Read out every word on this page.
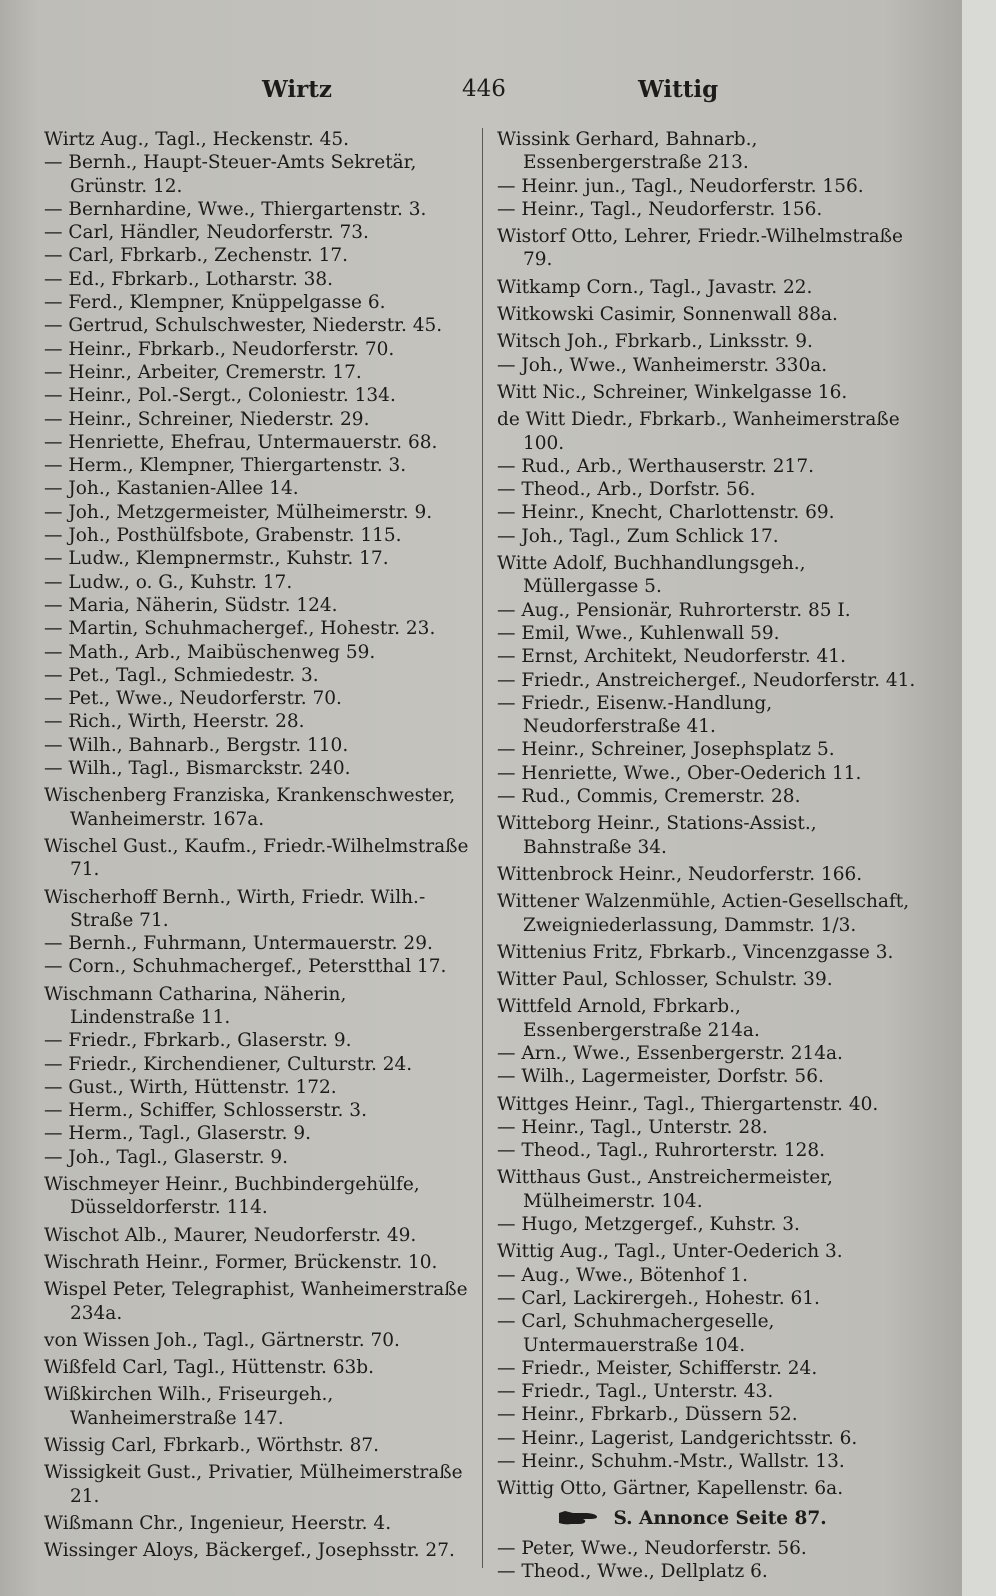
Wirtz	446	Wittig

Wirtz Aug., Tagl., Heckenstr. 45.

— Bernh., Haupt-Steuer-Amts Sekretär, Grünstr. 12.

— Bernhardine, Wwe., Thiergartenstr. 3.

— Carl, Händler, Neudorferstr. 73.

— Carl, Fbrkarb., Zechenstr. 17.

— Ed., Fbrkarb., Lotharstr. 38.

— Ferd., Klempner, Knüppelgasse 6.

— Gertrud, Schulschwester, Niederstr. 45.

— Heinr., Fbrkarb., Neudorferstr. 70.

— Heinr., Arbeiter, Cremerstr. 17.

— Heinr., Pol.-Sergt., Coloniestr. 134.

— Heinr., Schreiner, Niederstr. 29.

— Henriette, Ehefrau, Untermauerstr. 68.

— Herm., Klempner, Thiergartenstr. 3.

— Joh., Kastanien-Allee 14.

— Joh., Metzgermeister, Mülheimerstr. 9.

— Joh., Posthülfsbote, Grabenstr. 115.

— Ludw., Klempnermstr., Kuhstr. 17.

— Ludw., o. G., Kuhstr. 17.

— Maria, Näherin, Südstr. 124.

— Martin, Schuhmachergef., Hohestr. 23.

— Math., Arb., Maibüschenweg 59.

— Pet., Tagl., Schmiedestr. 3.

— Pet., Wwe., Neudorferstr. 70.

— Rich., Wirth, Heerstr. 28.

— Wilh., Bahnarb., Bergstr. 110.

— Wilh., Tagl., Bismarckstr. 240.

Wischenberg Franziska, Krankenschwester, Wanheimerstr. 167a.

Wischel Gust., Kaufm., Friedr.-Wilhelmstraße 71.

Wischerhoff Bernh., Wirth, Friedr. Wilh.-Straße 71.

— Bernh., Fuhrmann, Untermauerstr. 29.

— Corn., Schuhmachergef., Peterstthal 17.

Wischmann Catharina, Näherin, Lindenstraße 11.

— Friedr., Fbrkarb., Glaserstr. 9.

— Friedr., Kirchendiener, Culturstr. 24.

— Gust., Wirth, Hüttenstr. 172.

— Herm., Schiffer, Schlosserstr. 3.

— Herm., Tagl., Glaserstr. 9.

— Joh., Tagl., Glaserstr. 9.

Wischmeyer Heinr., Buchbindergehülfe, Düsseldorferstr. 114.

Wischot Alb., Maurer, Neudorferstr. 49.

Wischrath Heinr., Former, Brückenstr. 10.

Wispel Peter, Telegraphist, Wanheimerstraße 234a.

von Wissen Joh., Tagl., Gärtnerstr. 70.

Wißfeld Carl, Tagl., Hüttenstr. 63b.

Wißkirchen Wilh., Friseurgeh., Wanheimerstraße 147.

Wissig Carl, Fbrkarb., Wörthstr. 87.

Wissigkeit Gust., Privatier, Mülheimerstraße 21.

Wißmann Chr., Ingenieur, Heerstr. 4.

Wissinger Aloys, Bäckergef., Josephsstr. 27.

Wissink Gerhard, Bahnarb., Essenbergerstraße 213.

— Heinr. jun., Tagl., Neudorferstr. 156.

— Heinr., Tagl., Neudorferstr. 156.

Wistorf Otto, Lehrer, Friedr.-Wilhelmstraße 79.

Witkamp Corn., Tagl., Javastr. 22.

Witkowski Casimir, Sonnenwall 88a.

Witsch Joh., Fbrkarb., Linksstr. 9.

— Joh., Wwe., Wanheimerstr. 330a.

Witt Nic., Schreiner, Winkelgasse 16.

de Witt Diedr., Fbrkarb., Wanheimerstraße 100.

— Rud., Arb., Werthauserstr. 217.

— Theod., Arb., Dorfstr. 56.

— Heinr., Knecht, Charlottenstr. 69.

— Joh., Tagl., Zum Schlick 17.

Witte Adolf, Buchhandlungsgeh., Müllergasse 5.

— Aug., Pensionär, Ruhrorterstr. 85 I.

— Emil, Wwe., Kuhlenwall 59.

— Ernst, Architekt, Neudorferstr. 41.

— Friedr., Anstreichergef., Neudorferstr. 41.

— Friedr., Eisenw.-Handlung, Neudorferstraße 41.

— Heinr., Schreiner, Josephsplatz 5.

— Henriette, Wwe., Ober-Oederich 11.

— Rud., Commis, Cremerstr. 28.

Witteborg Heinr., Stations-Assist., Bahnstraße 34.

Wittenbrock Heinr., Neudorferstr. 166.

Wittener Walzenmühle, Actien-Gesellschaft, Zweigniederlassung, Dammstr. 1/3.

Wittenius Fritz, Fbrkarb., Vincenzgasse 3.

Witter Paul, Schlosser, Schulstr. 39.

Wittfeld Arnold, Fbrkarb., Essenbergerstraße 214a.

— Arn., Wwe., Essenbergerstr. 214a.

— Wilh., Lagermeister, Dorfstr. 56.

Wittges Heinr., Tagl., Thiergartenstr. 40.

— Heinr., Tagl., Unterstr. 28.

— Theod., Tagl., Ruhrorterstr. 128.

Witthaus Gust., Anstreichermeister, Mülheimerstr. 104.

— Hugo, Metzgergef., Kuhstr. 3.

Wittig Aug., Tagl., Unter-Oederich 3.

— Aug., Wwe., Bötenhof 1.

— Carl, Lackirergeh., Hohestr. 61.

— Carl, Schuhmachergeselle, Untermauerstraße 104.

— Friedr., Meister, Schifferstr. 24.

— Friedr., Tagl., Unterstr. 43.

— Heinr., Fbrkarb., Düssern 52.

— Heinr., Lagerist, Landgerichtsstr. 6.

— Heinr., Schuhm.-Mstr., Wallstr. 13.

Wittig Otto, Gärtner, Kapellenstr. 6a.

S. Annonce Seite 87.

— Peter, Wwe., Neudorferstr. 56.

— Theod., Wwe., Dellplatz 6.
